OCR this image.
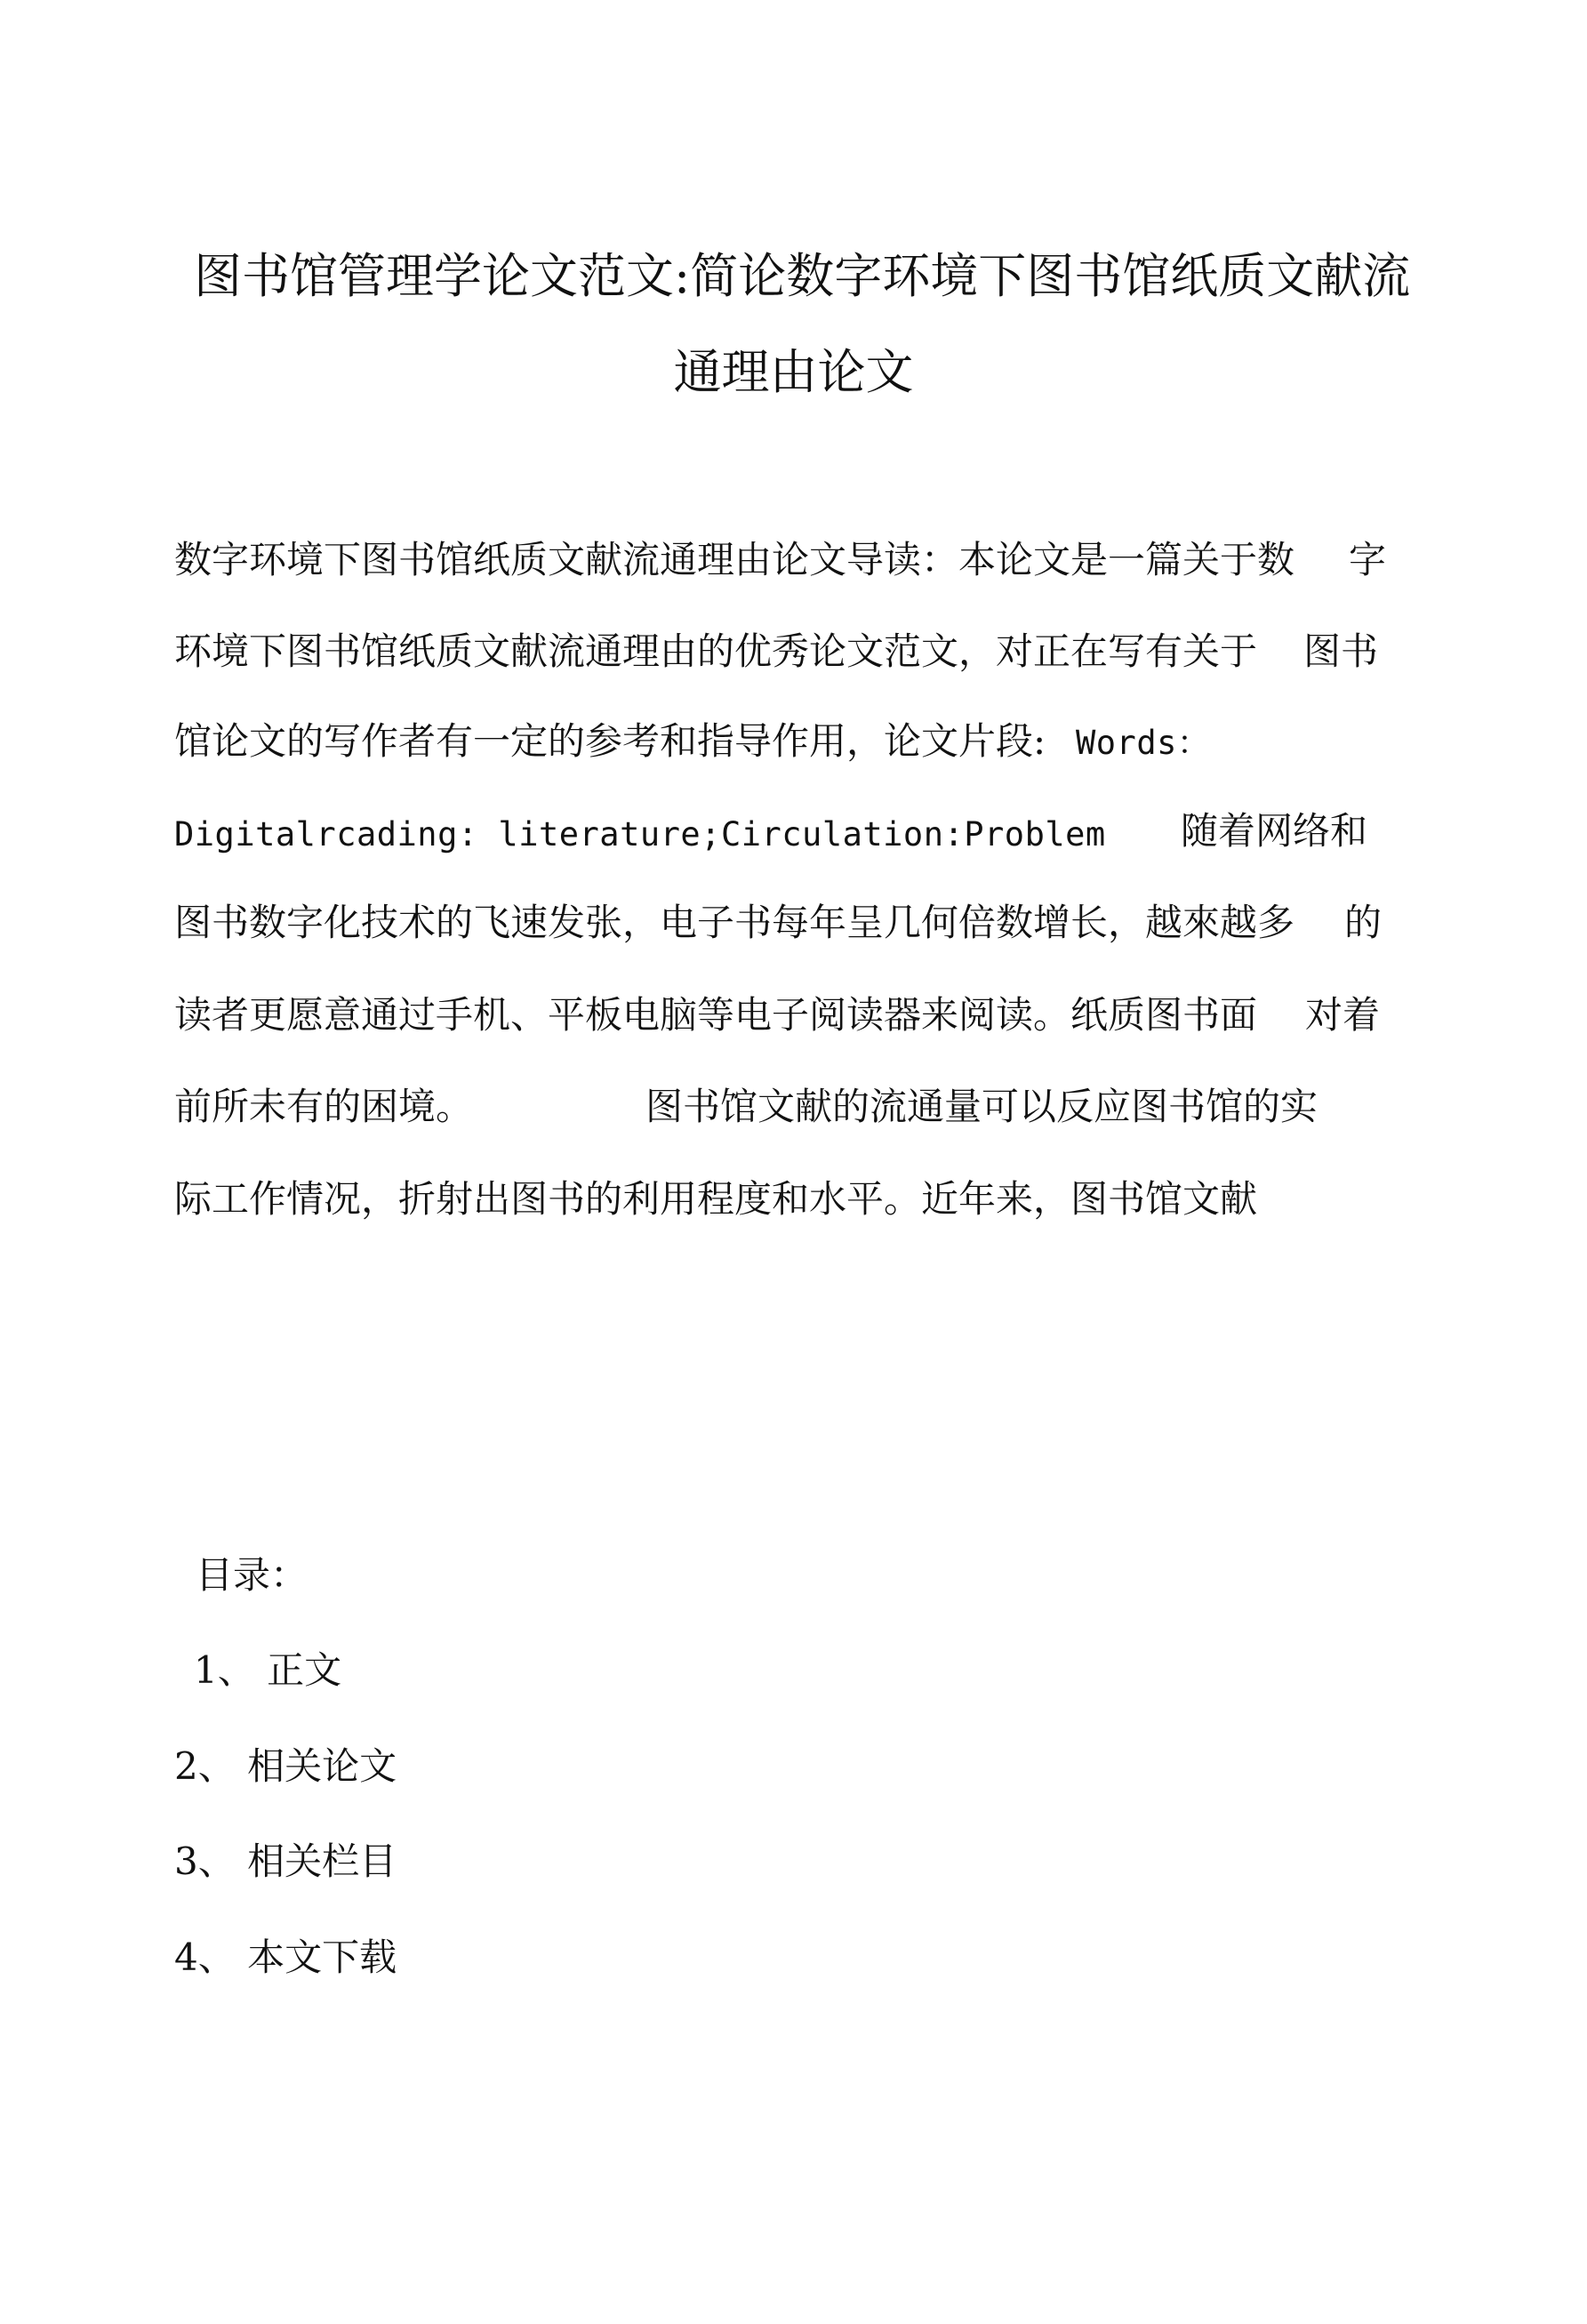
图书馆管理学论文范文:简论数字环境下图书馆纸质文献流
通理由论文
数字环境下图书馆纸质文献流通理由论文导读：本论文是一篇关于数 字
环境下图书馆纸质文献流通理由的优秀论文范文，对正在写有关于 图书
馆论文的写作者有一定的参考和指导作用，论文片段: Words：
Digitalrcading: literature;Circulation:Problem 随着网络和
图书数字化技术的飞速发张，电子书每年呈几何倍数增长，越來越多 的
读者更愿意通过手机、平板电脑等电子阅读器来阅读。纸质图书面 对着
前所未有的困境。	图书馆文献的流通量可以反应图书馆的实
际工作情况，折射出图书的利用程度和水平。近年来，图书馆文献
目录：
1、 正文
2、 相关论文
3、 相关栏目
4、 本文下载
